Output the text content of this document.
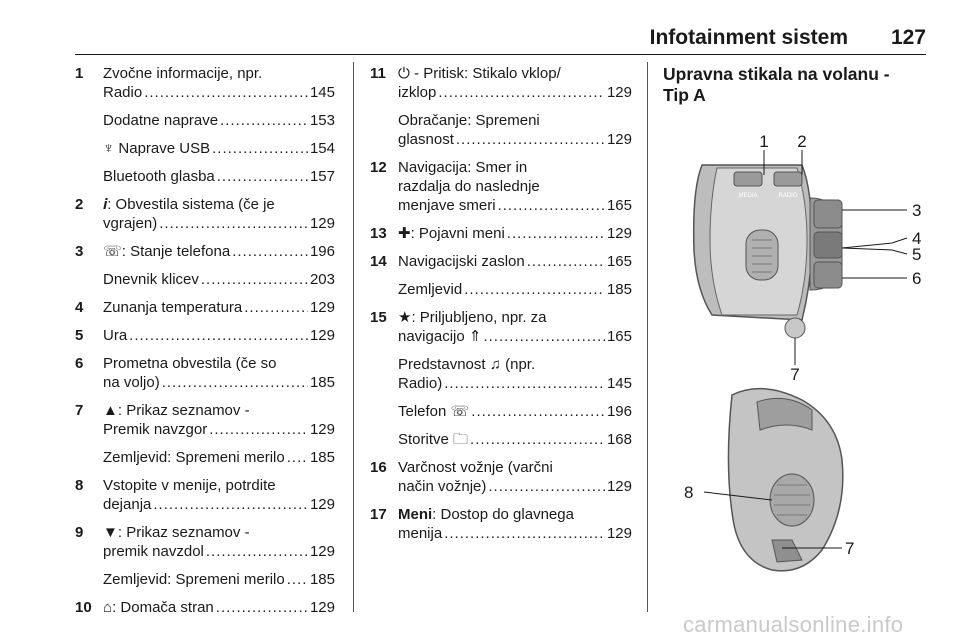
Infotainment sistem 127
1 Zvočne informacije, npr.
Radio .....	145
Dodatne naprave .....	153
♆ Naprave USB .....	154
Bluetooth glasba .....	157
2 𝒊: Obvestila sistema (če je
vgrajen) .....	129
3 ☏: Stanje telefona .....	196
Dnevnik klicev .....	203
4 Zunanja temperatura .....	129
5 Ura .....	129
6 Prometna obvestila (če so
na voljo) .....	185
7 ▲: Prikaz seznamov -
Premik navzgor .....	129
Zemljevid: Spremeni merilo ..... 185
8 Vstopite v menije, potrdite
dejanja .....	129
9 ▼: Prikaz seznamov -
premik navzdol .....	129
Zemljevid: Spremeni merilo ..... 185
10 ⌂: Domača stran .....	129
11 ⏻ - Pritisk: Stikalo vklop/
izklop .....	129
Obračanje: Spremeni
glasnost .....	129
12 Navigacija: Smer in
razdalja do naslednje
menjave smeri .....	165
13 ✚: Pojavni meni .....	129
14 Navigacijski zaslon .....	165
Zemljevid .....	185
15 ★: Priljubljeno, npr. za
navigacijo ⇑ .....	165
Predstavnost ♫ (npr.
Radio) .....	145
Telefon ☏ .....	196
Storitve 🗀 .....	168
16 Varčnost vožnje (varčni
način vožnje) .....	129
17 Meni: Dostop do glavnega
menija .....	129
Upravna stikala na volanu -
Tip A
MEDIA	RADIO
1 2
3
4
5
6
7
8
7
carmanualsonline.info
